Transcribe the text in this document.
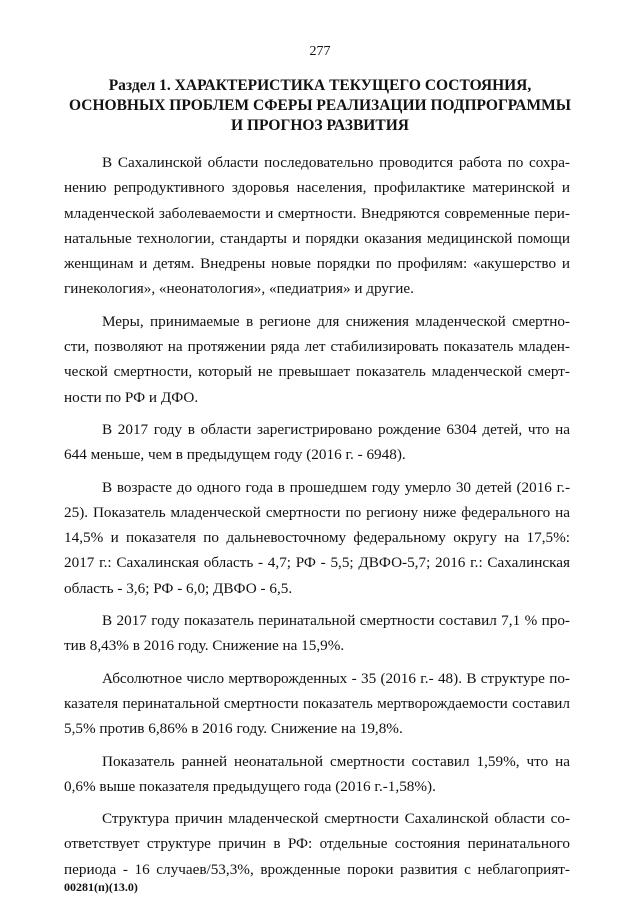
277
Раздел 1. ХАРАКТЕРИСТИКА ТЕКУЩЕГО СОСТОЯНИЯ,
ОСНОВНЫХ ПРОБЛЕМ СФЕРЫ РЕАЛИЗАЦИИ ПОДПРОГРАММЫ
И ПРОГНОЗ РАЗВИТИЯ
В Сахалинской области последовательно проводится работа по сохра-
нению репродуктивного здоровья населения, профилактике материнской и
младенческой заболеваемости и смертности. Внедряются современные пери-
натальные технологии, стандарты и порядки оказания медицинской помощи
женщинам и детям. Внедрены новые порядки по профилям: «акушерство и
гинекология», «неонатология», «педиатрия» и другие.
Меры, принимаемые в регионе для снижения младенческой смертно-
сти, позволяют на протяжении ряда лет стабилизировать показатель младен-
ческой смертности, который не превышает показатель младенческой смерт-
ности по РФ и ДФО.
В 2017 году в области зарегистрировано рождение 6304 детей, что на
644 меньше, чем в предыдущем году (2016 г. - 6948).
В возрасте до одного года в прошедшем году умерло 30 детей (2016 г.-
25). Показатель младенческой смертности по региону ниже федерального на
14,5% и показателя по дальневосточному федеральному округу на 17,5%:
2017 г.: Сахалинская область - 4,7; РФ - 5,5; ДВФО-5,7; 2016 г.: Сахалинская
область - 3,6; РФ - 6,0; ДВФО - 6,5.
В 2017 году показатель перинатальной смертности составил 7,1 % про-
тив 8,43% в 2016 году. Снижение на 15,9%.
Абсолютное число мертворожденных - 35 (2016 г.- 48). В структуре по-
казателя перинатальной смертности показатель мертворождаемости составил
5,5% против 6,86% в 2016 году. Снижение на 19,8%.
Показатель ранней неонатальной смертности составил 1,59%, что на
0,6% выше показателя предыдущего года (2016 г.-1,58%).
Структура причин младенческой смертности Сахалинской области со-
ответствует структуре причин в РФ: отдельные состояния перинатального
периода - 16 случаев/53,3%, врожденные пороки развития с неблагоприят-
00281(п)(13.0)
